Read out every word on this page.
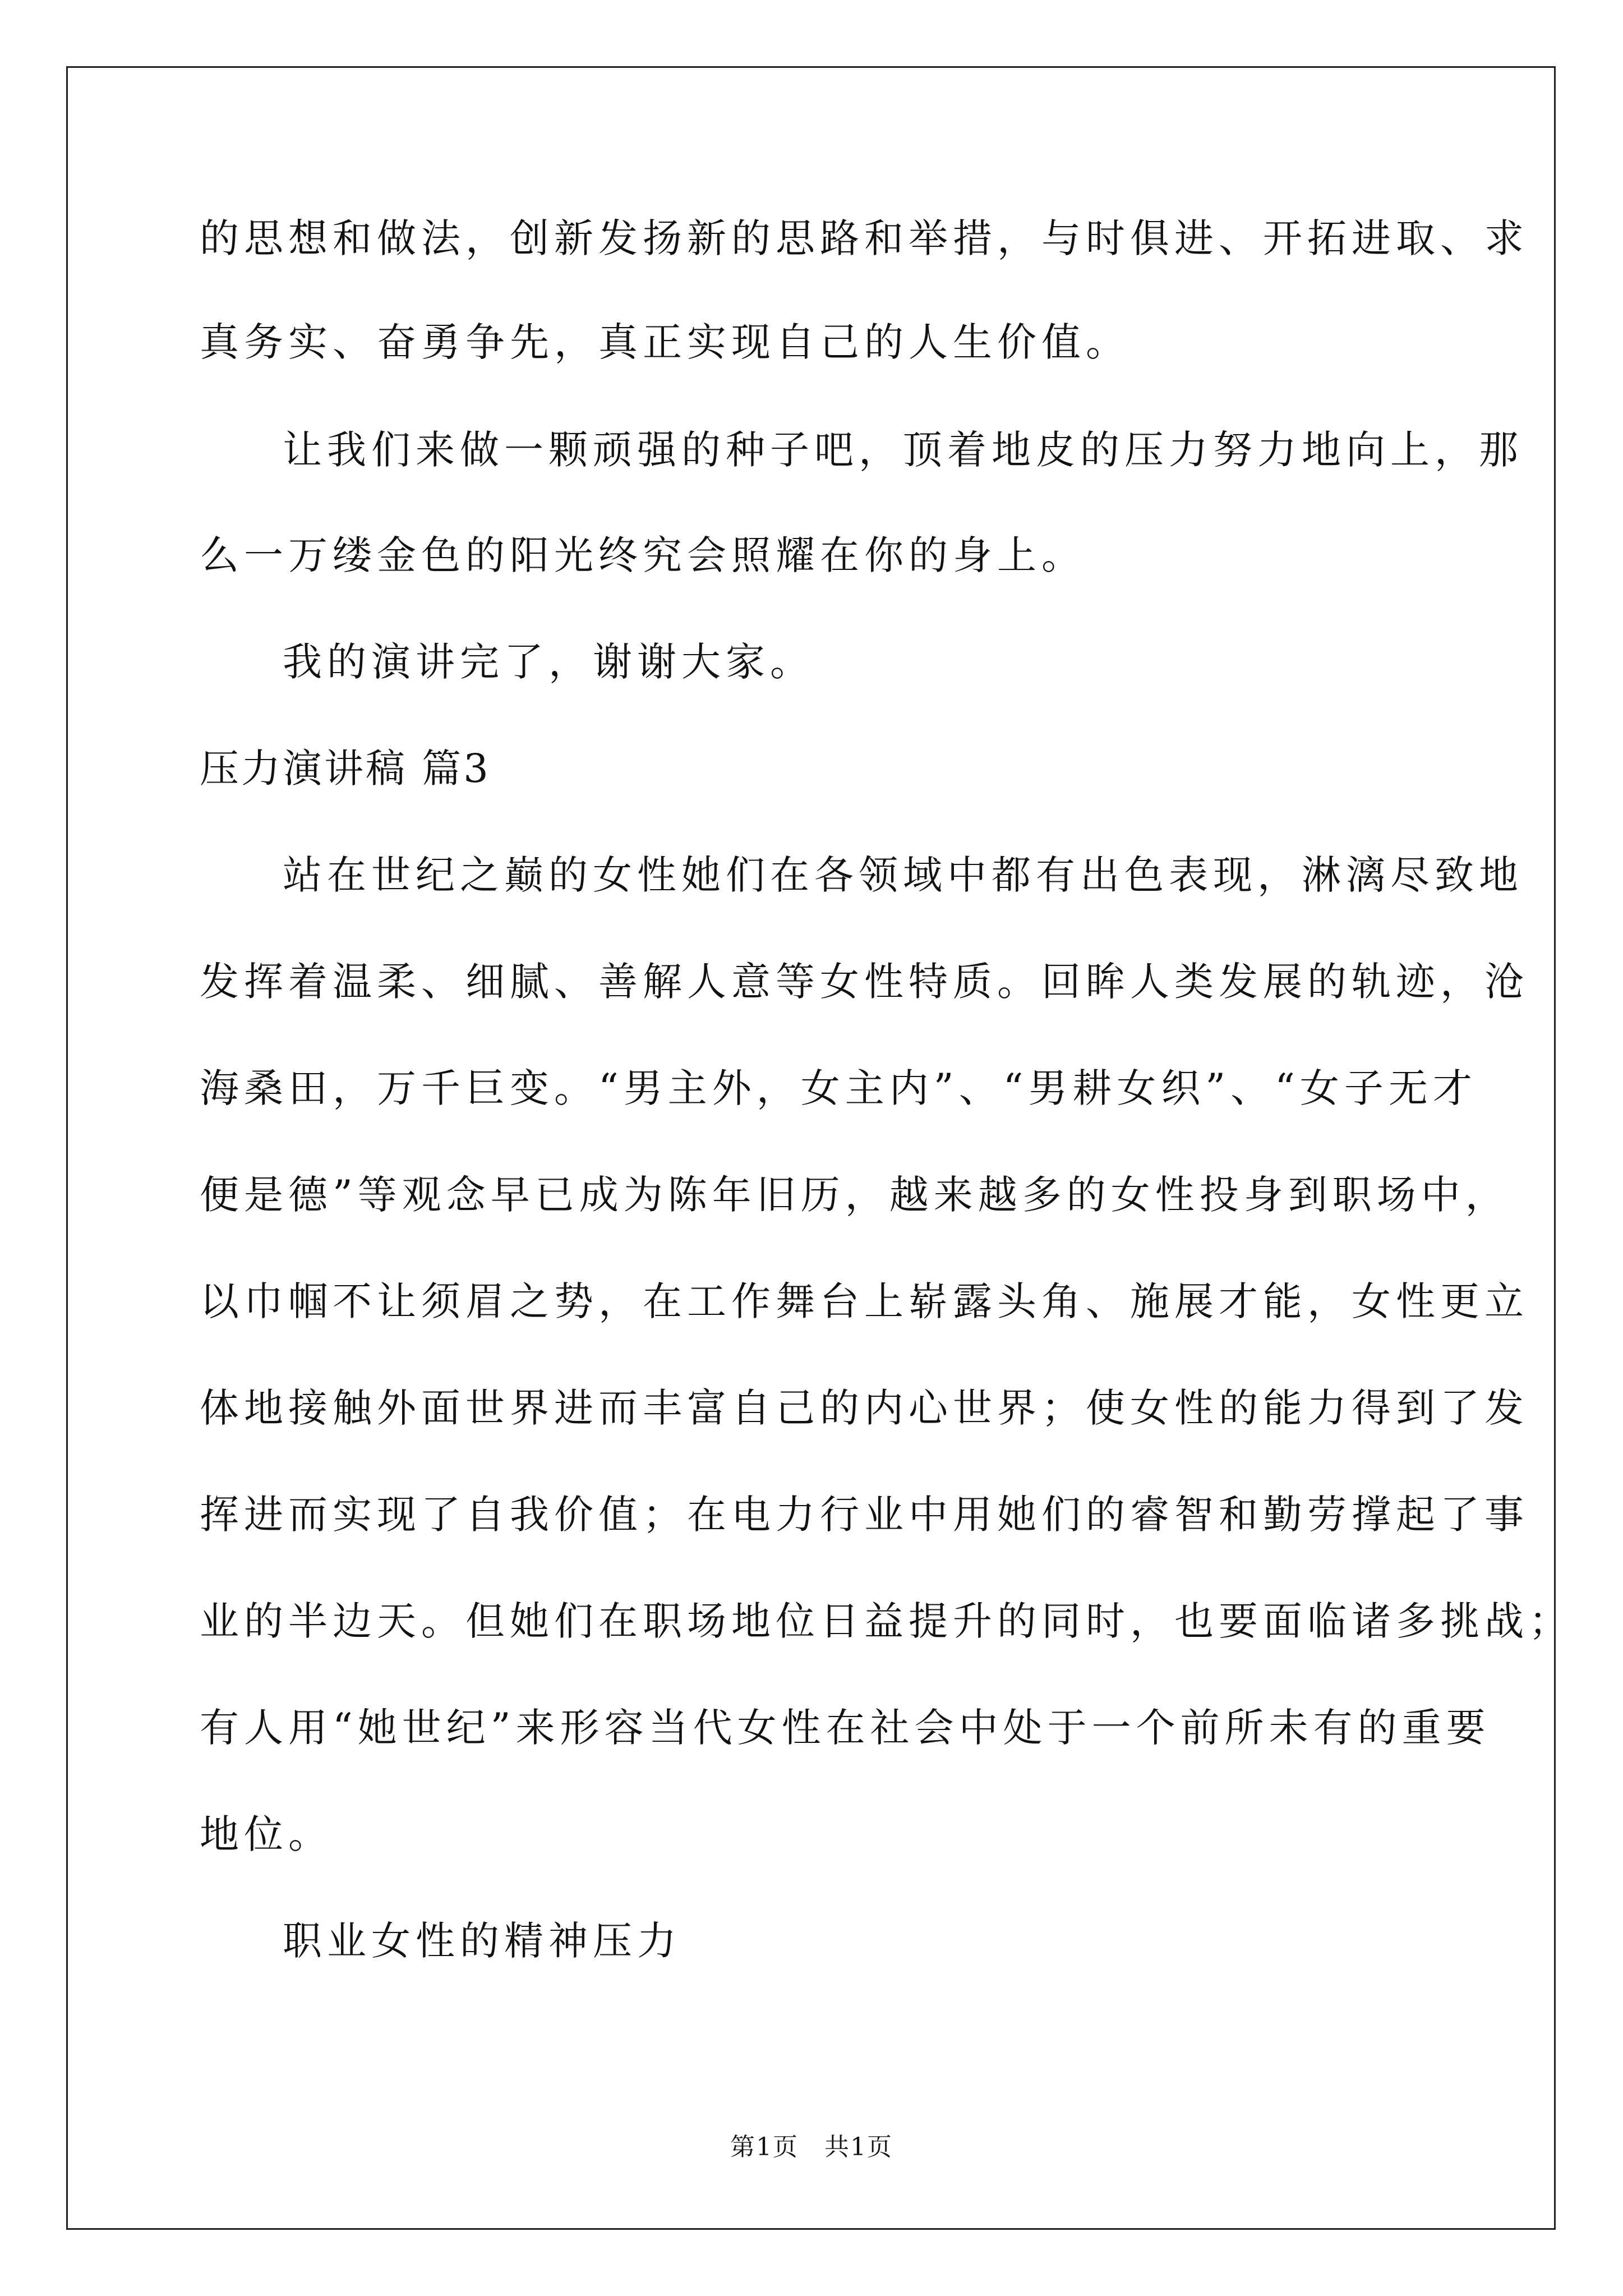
的思想和做法，创新发扬新的思路和举措，与时俱进、开拓进取、求
真务实、奋勇争先，真正实现自己的人生价值。
让我们来做一颗顽强的种子吧，顶着地皮的压力努力地向上，那
么一万缕金色的阳光终究会照耀在你的身上。
我的演讲完了，谢谢大家。
压力演讲稿 篇3
站在世纪之巅的女性她们在各领域中都有出色表现，淋漓尽致地
发挥着温柔、细腻、善解人意等女性特质。回眸人类发展的轨迹，沧
海桑田，万千巨变。“男主外，女主内”、“男耕女织”、“女子无才
便是德”等观念早已成为陈年旧历，越来越多的女性投身到职场中，
以巾帼不让须眉之势，在工作舞台上崭露头角、施展才能，女性更立
体地接触外面世界进而丰富自己的内心世界；使女性的能力得到了发
挥进而实现了自我价值；在电力行业中用她们的睿智和勤劳撑起了事
业的半边天。但她们在职场地位日益提升的同时，也要面临诸多挑战；
有人用“她世纪”来形容当代女性在社会中处于一个前所未有的重要
地位。
职业女性的精神压力
第1页　共1页
